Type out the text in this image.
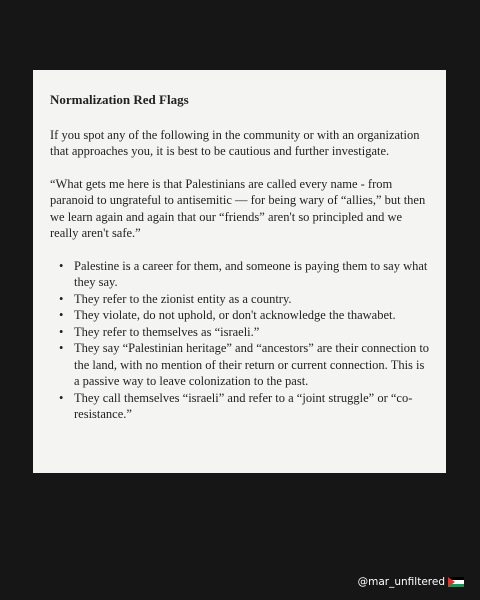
Normalization Red Flags

If you spot any of the following in the community or with an organization that approaches you, it is best to be cautious and further investigate.

“What gets me here is that Palestinians are called every name - from paranoid to ungrateful to antisemitic — for being wary of “allies,” but then we learn again and again that our “friends” aren't so principled and we really aren't safe.”

• Palestine is a career for them, and someone is paying them to say what they say.
• They refer to the zionist entity as a country.
• They violate, do not uphold, or don't acknowledge the thawabet.
• They refer to themselves as “israeli.”
• They say “Palestinian heritage” and “ancestors” are their connection to the land, with no mention of their return or current connection. This is a passive way to leave colonization to the past.
• They call themselves “israeli” and refer to a “joint struggle” or “co-resistance.”
@mar_unfiltered
